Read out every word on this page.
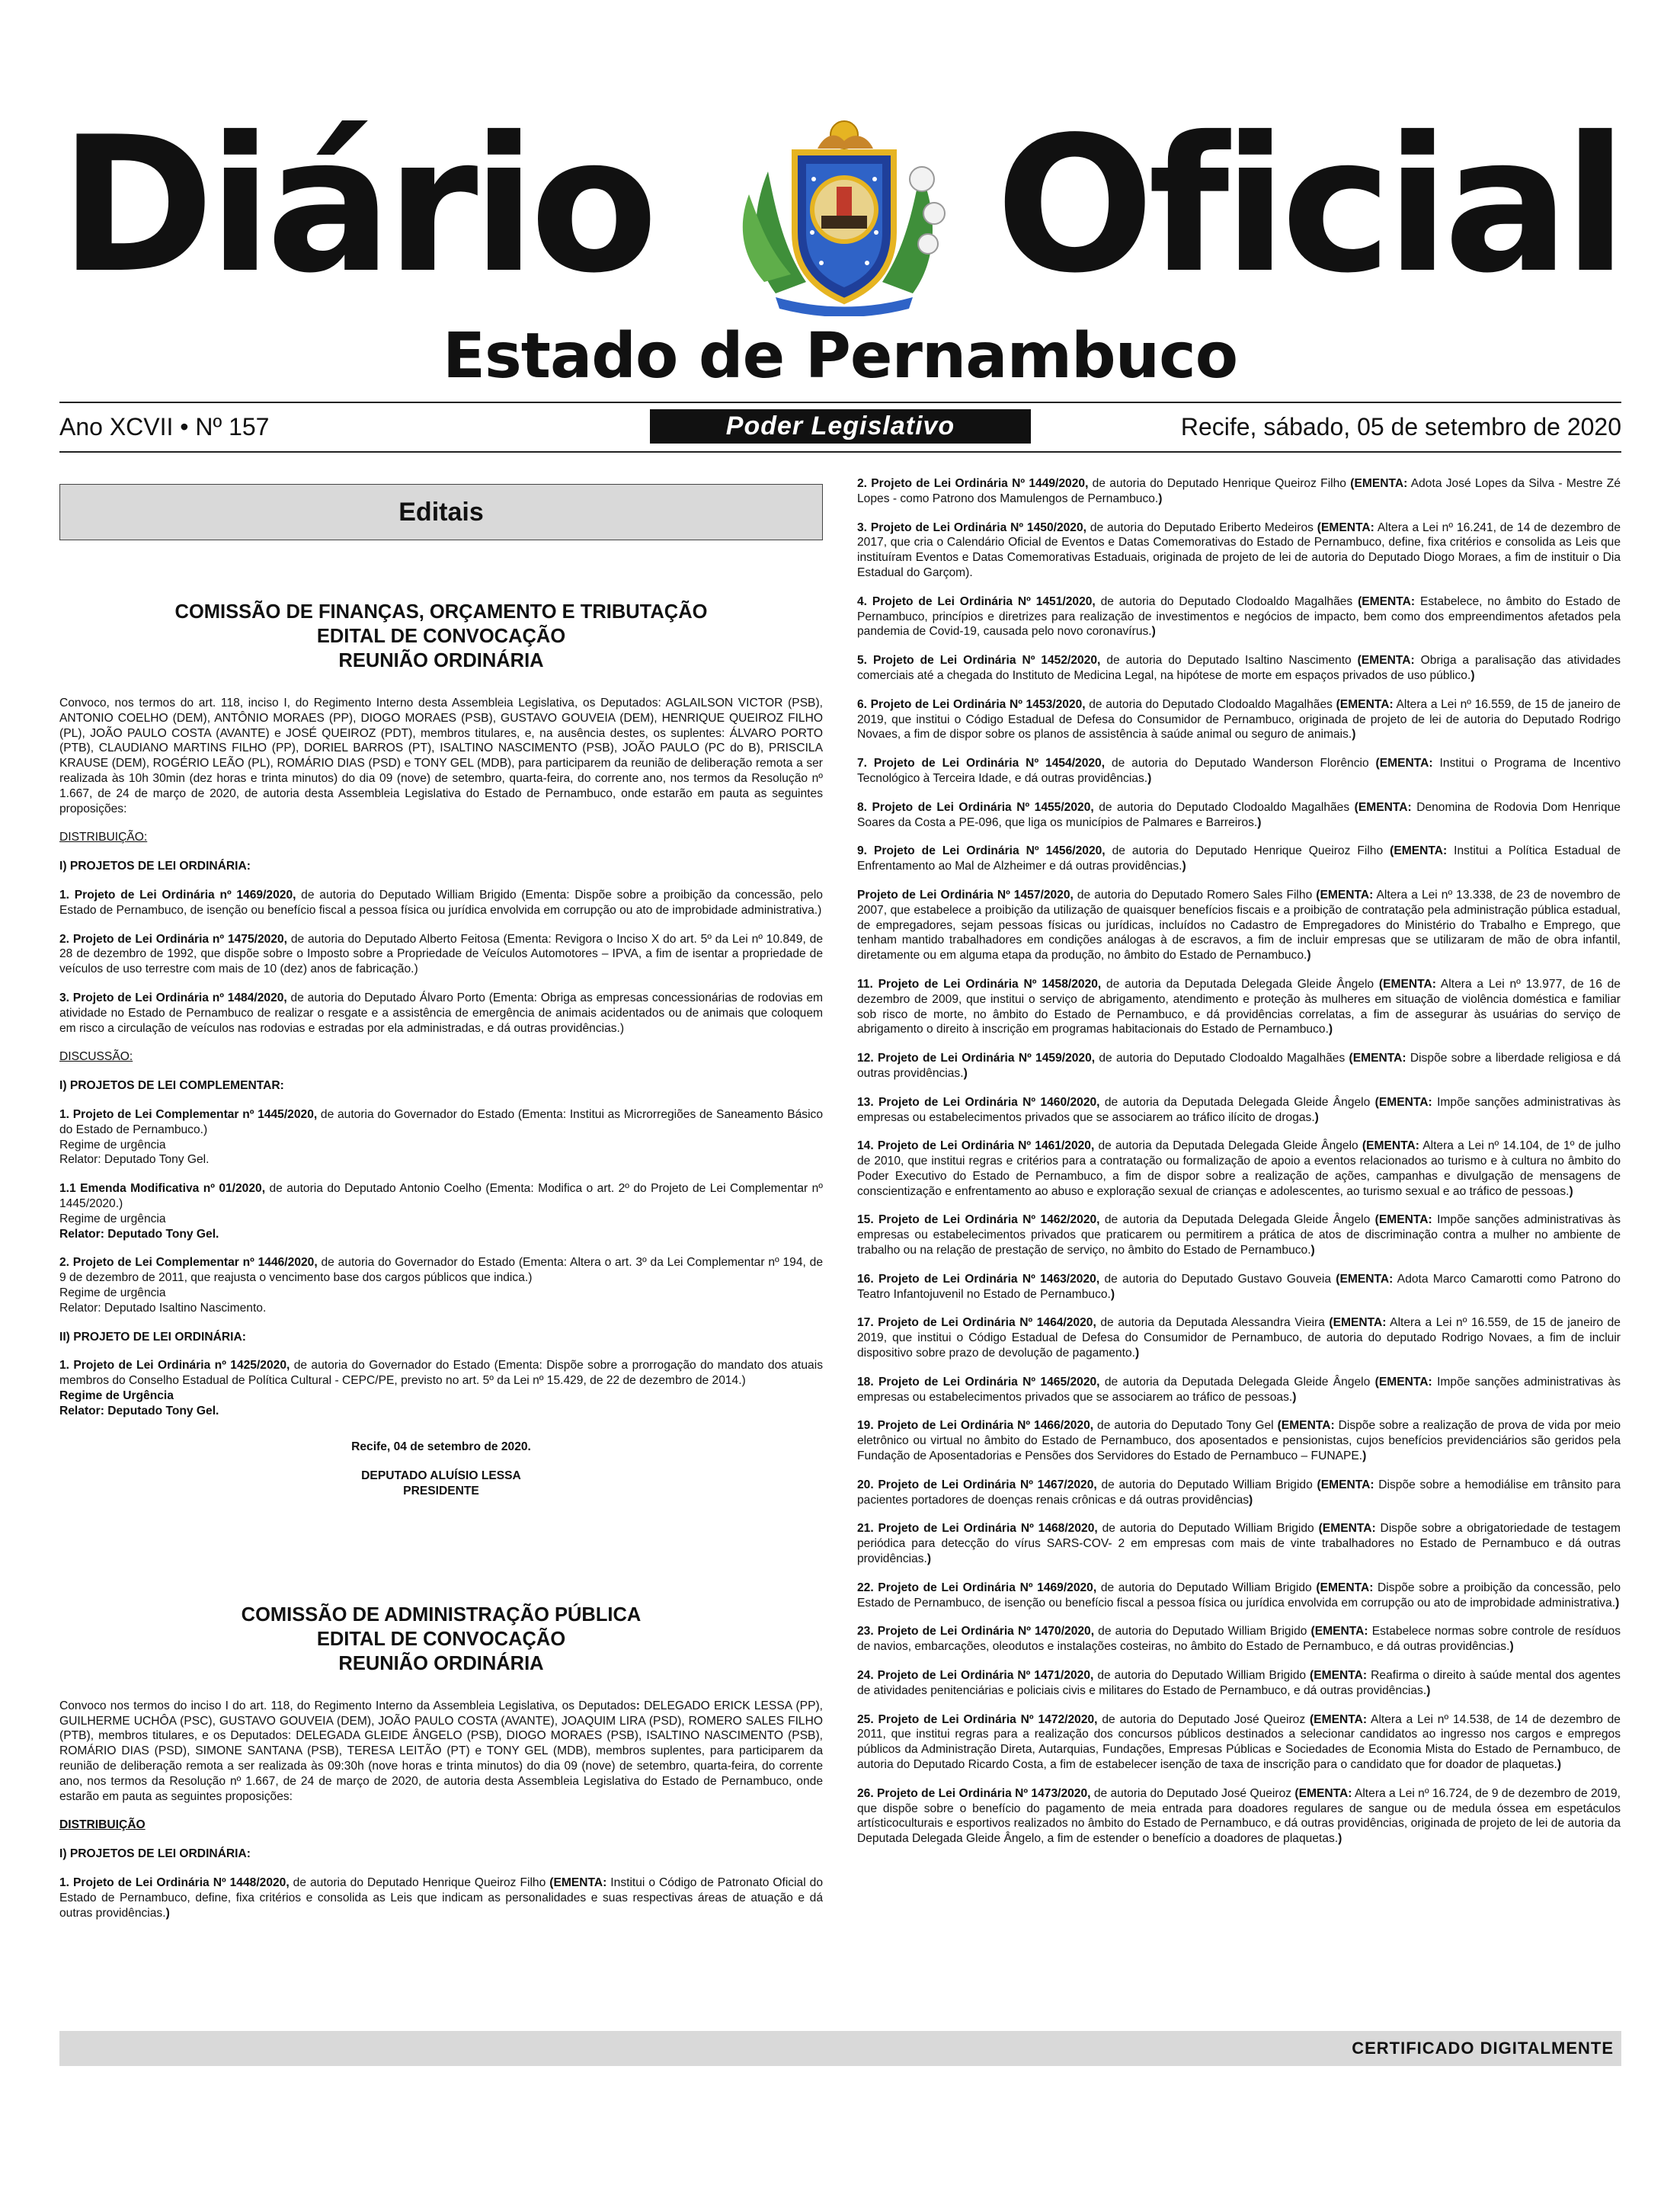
Diário Oficial
Estado de Pernambuco
Ano XCVII • Nº 157	Poder Legislativo	Recife, sábado, 05 de setembro de 2020
Editais
COMISSÃO DE FINANÇAS, ORÇAMENTO E TRIBUTAÇÃO
EDITAL DE CONVOCAÇÃO
REUNIÃO ORDINÁRIA

Convoco, nos termos do art. 118, inciso I, do Regimento Interno desta Assembleia Legislativa, os Deputados: AGLAILSON VICTOR (PSB), ANTONIO COELHO (DEM), ANTÔNIO MORAES (PP), DIOGO MORAES (PSB), GUSTAVO GOUVEIA (DEM), HENRIQUE QUEIROZ FILHO (PL), JOÃO PAULO COSTA (AVANTE) e JOSÉ QUEIROZ (PDT), membros titulares, e, na ausência destes, os suplentes: ÁLVARO PORTO (PTB), CLAUDIANO MARTINS FILHO (PP), DORIEL BARROS (PT), ISALTINO NASCIMENTO (PSB), JOÃO PAULO (PC do B), PRISCILA KRAUSE (DEM), ROGÉRIO LEÃO (PL), ROMÁRIO DIAS (PSD) e TONY GEL (MDB), para participarem da reunião de deliberação remota a ser realizada às 10h 30min (dez horas e trinta minutos) do dia 09 (nove) de setembro, quarta-feira, do corrente ano, nos termos da Resolução nº 1.667, de 24 de março de 2020, de autoria desta Assembleia Legislativa do Estado de Pernambuco, onde estarão em pauta as seguintes proposições:

DISTRIBUIÇÃO:

I) PROJETOS DE LEI ORDINÁRIA:

1. Projeto de Lei Ordinária nº 1469/2020, de autoria do Deputado William Brigido (Ementa: Dispõe sobre a proibição da concessão, pelo Estado de Pernambuco, de isenção ou benefício fiscal a pessoa física ou jurídica envolvida em corrupção ou ato de improbidade administrativa.)

2. Projeto de Lei Ordinária nº 1475/2020, de autoria do Deputado Alberto Feitosa (Ementa: Revigora o Inciso X do art. 5º da Lei nº 10.849, de 28 de dezembro de 1992, que dispõe sobre o Imposto sobre a Propriedade de Veículos Automotores – IPVA, a fim de isentar a propriedade de veículos de uso terrestre com mais de 10 (dez) anos de fabricação.)

3. Projeto de Lei Ordinária nº 1484/2020, de autoria do Deputado Álvaro Porto (Ementa: Obriga as empresas concessionárias de rodovias em atividade no Estado de Pernambuco de realizar o resgate e a assistência de emergência de animais acidentados ou de animais que coloquem em risco a circulação de veículos nas rodovias e estradas por ela administradas, e dá outras providências.)

DISCUSSÃO:

I) PROJETOS DE LEI COMPLEMENTAR:

1. Projeto de Lei Complementar nº 1445/2020, de autoria do Governador do Estado (Ementa: Institui as Microrregiões de Saneamento Básico do Estado de Pernambuco.)
Regime de urgência
Relator: Deputado Tony Gel.

1.1 Emenda Modificativa nº 01/2020, de autoria do Deputado Antonio Coelho (Ementa: Modifica o art. 2º do Projeto de Lei Complementar nº 1445/2020.)
Regime de urgência
Relator: Deputado Tony Gel.

2. Projeto de Lei Complementar nº 1446/2020, de autoria do Governador do Estado (Ementa: Altera o art. 3º da Lei Complementar nº 194, de 9 de dezembro de 2011, que reajusta o vencimento base dos cargos públicos que indica.)
Regime de urgência
Relator: Deputado Isaltino Nascimento.

II) PROJETO DE LEI ORDINÁRIA:

1. Projeto de Lei Ordinária nº 1425/2020, de autoria do Governador do Estado (Ementa: Dispõe sobre a prorrogação do mandato dos atuais membros do Conselho Estadual de Política Cultural - CEPC/PE, previsto no art. 5º da Lei nº 15.429, de 22 de dezembro de 2014.)
Regime de Urgência
Relator: Deputado Tony Gel.

Recife, 04 de setembro de 2020.

DEPUTADO ALUÍSIO LESSA
PRESIDENTE

COMISSÃO DE ADMINISTRAÇÃO PÚBLICA
EDITAL DE CONVOCAÇÃO
REUNIÃO ORDINÁRIA

Convoco nos termos do inciso I do art. 118, do Regimento Interno da Assembleia Legislativa, os Deputados: DELEGADO ERICK LESSA (PP), GUILHERME UCHÔA (PSC), GUSTAVO GOUVEIA (DEM), JOÃO PAULO COSTA (AVANTE), JOAQUIM LIRA (PSD), ROMERO SALES FILHO (PTB), membros titulares, e os Deputados: DELEGADA GLEIDE ÂNGELO (PSB), DIOGO MORAES (PSB), ISALTINO NASCIMENTO (PSB), ROMÁRIO DIAS (PSD), SIMONE SANTANA (PSB), TERESA LEITÃO (PT) e TONY GEL (MDB), membros suplentes, para participarem da reunião de deliberação remota a ser realizada às 09:30h (nove horas e trinta minutos) do dia 09 (nove) de setembro, quarta-feira, do corrente ano, nos termos da Resolução nº 1.667, de 24 de março de 2020, de autoria desta Assembleia Legislativa do Estado de Pernambuco, onde estarão em pauta as seguintes proposições:

DISTRIBUIÇÃO

I) PROJETOS DE LEI ORDINÁRIA:

1. Projeto de Lei Ordinária Nº 1448/2020, de autoria do Deputado Henrique Queiroz Filho (EMENTA: Institui o Código de Patronato Oficial do Estado de Pernambuco, define, fixa critérios e consolida as Leis que indicam as personalidades e suas respectivas áreas de atuação e dá outras providências.)

2. Projeto de Lei Ordinária Nº 1449/2020, de autoria do Deputado Henrique Queiroz Filho (EMENTA: Adota José Lopes da Silva - Mestre Zé Lopes - como Patrono dos Mamulengos de Pernambuco.)

3. Projeto de Lei Ordinária Nº 1450/2020, de autoria do Deputado Eriberto Medeiros (EMENTA: Altera a Lei nº 16.241, de 14 de dezembro de 2017, que cria o Calendário Oficial de Eventos e Datas Comemorativas do Estado de Pernambuco, define, fixa critérios e consolida as Leis que instituíram Eventos e Datas Comemorativas Estaduais, originada de projeto de lei de autoria do Deputado Diogo Moraes, a fim de instituir o Dia Estadual do Garçom).

4. Projeto de Lei Ordinária Nº 1451/2020, de autoria do Deputado Clodoaldo Magalhães (EMENTA: Estabelece, no âmbito do Estado de Pernambuco, princípios e diretrizes para realização de investimentos e negócios de impacto, bem como dos empreendimentos afetados pela pandemia de Covid-19, causada pelo novo coronavírus.)

5. Projeto de Lei Ordinária Nº 1452/2020, de autoria do Deputado Isaltino Nascimento (EMENTA: Obriga a paralisação das atividades comerciais até a chegada do Instituto de Medicina Legal, na hipótese de morte em espaços privados de uso público.)

6. Projeto de Lei Ordinária Nº 1453/2020, de autoria do Deputado Clodoaldo Magalhães (EMENTA: Altera a Lei nº 16.559, de 15 de janeiro de 2019, que institui o Código Estadual de Defesa do Consumidor de Pernambuco, originada de projeto de lei de autoria do Deputado Rodrigo Novaes, a fim de dispor sobre os planos de assistência à saúde animal ou seguro de animais.)

7. Projeto de Lei Ordinária Nº 1454/2020, de autoria do Deputado Wanderson Florêncio (EMENTA: Institui o Programa de Incentivo Tecnológico à Terceira Idade, e dá outras providências.)

8. Projeto de Lei Ordinária Nº 1455/2020, de autoria do Deputado Clodoaldo Magalhães (EMENTA: Denomina de Rodovia Dom Henrique Soares da Costa a PE-096, que liga os municípios de Palmares e Barreiros.)

9. Projeto de Lei Ordinária Nº 1456/2020, de autoria do Deputado Henrique Queiroz Filho (EMENTA: Institui a Política Estadual de Enfrentamento ao Mal de Alzheimer e dá outras providências.)

Projeto de Lei Ordinária Nº 1457/2020, de autoria do Deputado Romero Sales Filho (EMENTA: Altera a Lei nº 13.338, de 23 de novembro de 2007, que estabelece a proibição da utilização de quaisquer benefícios fiscais e a proibição de contratação pela administração pública estadual, de empregadores, sejam pessoas físicas ou jurídicas, incluídos no Cadastro de Empregadores do Ministério do Trabalho e Emprego, que tenham mantido trabalhadores em condições análogas à de escravos, a fim de incluir empresas que se utilizaram de mão de obra infantil, diretamente ou em alguma etapa da produção, no âmbito do Estado de Pernambuco.)

11. Projeto de Lei Ordinária Nº 1458/2020, de autoria da Deputada Delegada Gleide Ângelo (EMENTA: Altera a Lei nº 13.977, de 16 de dezembro de 2009, que institui o serviço de abrigamento, atendimento e proteção às mulheres em situação de violência doméstica e familiar sob risco de morte, no âmbito do Estado de Pernambuco, e dá providências correlatas, a fim de assegurar às usuárias do serviço de abrigamento o direito à inscrição em programas habitacionais do Estado de Pernambuco.)

12. Projeto de Lei Ordinária Nº 1459/2020, de autoria do Deputado Clodoaldo Magalhães (EMENTA: Dispõe sobre a liberdade religiosa e dá outras providências.)

13. Projeto de Lei Ordinária Nº 1460/2020, de autoria da Deputada Delegada Gleide Ângelo (EMENTA: Impõe sanções administrativas às empresas ou estabelecimentos privados que se associarem ao tráfico ilícito de drogas.)

14. Projeto de Lei Ordinária Nº 1461/2020, de autoria da Deputada Delegada Gleide Ângelo (EMENTA: Altera a Lei nº 14.104, de 1º de julho de 2010, que institui regras e critérios para a contratação ou formalização de apoio a eventos relacionados ao turismo e à cultura no âmbito do Poder Executivo do Estado de Pernambuco, a fim de dispor sobre a realização de ações, campanhas e divulgação de mensagens de conscientização e enfrentamento ao abuso e exploração sexual de crianças e adolescentes, ao turismo sexual e ao tráfico de pessoas.)

15. Projeto de Lei Ordinária Nº 1462/2020, de autoria da Deputada Delegada Gleide Ângelo (EMENTA: Impõe sanções administrativas às empresas ou estabelecimentos privados que praticarem ou permitirem a prática de atos de discriminação contra a mulher no ambiente de trabalho ou na relação de prestação de serviço, no âmbito do Estado de Pernambuco.)

16. Projeto de Lei Ordinária Nº 1463/2020, de autoria do Deputado Gustavo Gouveia (EMENTA: Adota Marco Camarotti como Patrono do Teatro Infantojuvenil no Estado de Pernambuco.)

17. Projeto de Lei Ordinária Nº 1464/2020, de autoria da Deputada Alessandra Vieira (EMENTA: Altera a Lei nº 16.559, de 15 de janeiro de 2019, que institui o Código Estadual de Defesa do Consumidor de Pernambuco, de autoria do deputado Rodrigo Novaes, a fim de incluir dispositivo sobre prazo de devolução de pagamento.)

18. Projeto de Lei Ordinária Nº 1465/2020, de autoria da Deputada Delegada Gleide Ângelo (EMENTA: Impõe sanções administrativas às empresas ou estabelecimentos privados que se associarem ao tráfico de pessoas.)

19. Projeto de Lei Ordinária Nº 1466/2020, de autoria do Deputado Tony Gel (EMENTA: Dispõe sobre a realização de prova de vida por meio eletrônico ou virtual no âmbito do Estado de Pernambuco, dos aposentados e pensionistas, cujos benefícios previdenciários são geridos pela Fundação de Aposentadorias e Pensões dos Servidores do Estado de Pernambuco – FUNAPE.)

20. Projeto de Lei Ordinária Nº 1467/2020, de autoria do Deputado William Brigido (EMENTA: Dispõe sobre a hemodiálise em trânsito para pacientes portadores de doenças renais crônicas e dá outras providências)

21. Projeto de Lei Ordinária Nº 1468/2020, de autoria do Deputado William Brigido (EMENTA: Dispõe sobre a obrigatoriedade de testagem periódica para detecção do vírus SARS-COV- 2 em empresas com mais de vinte trabalhadores no Estado de Pernambuco e dá outras providências.)

22. Projeto de Lei Ordinária Nº 1469/2020, de autoria do Deputado William Brigido (EMENTA: Dispõe sobre a proibição da concessão, pelo Estado de Pernambuco, de isenção ou benefício fiscal a pessoa física ou jurídica envolvida em corrupção ou ato de improbidade administrativa.)

23. Projeto de Lei Ordinária Nº 1470/2020, de autoria do Deputado William Brigido (EMENTA: Estabelece normas sobre controle de resíduos de navios, embarcações, oleodutos e instalações costeiras, no âmbito do Estado de Pernambuco, e dá outras providências.)

24. Projeto de Lei Ordinária Nº 1471/2020, de autoria do Deputado William Brigido (EMENTA: Reafirma o direito à saúde mental dos agentes de atividades penitenciárias e policiais civis e militares do Estado de Pernambuco, e dá outras providências.)

25. Projeto de Lei Ordinária Nº 1472/2020, de autoria do Deputado José Queiroz (EMENTA: Altera a Lei nº 14.538, de 14 de dezembro de 2011, que institui regras para a realização dos concursos públicos destinados a selecionar candidatos ao ingresso nos cargos e empregos públicos da Administração Direta, Autarquias, Fundações, Empresas Públicas e Sociedades de Economia Mista do Estado de Pernambuco, de autoria do Deputado Ricardo Costa, a fim de estabelecer isenção de taxa de inscrição para o candidato que for doador de plaquetas.)

26. Projeto de Lei Ordinária Nº 1473/2020, de autoria do Deputado José Queiroz (EMENTA: Altera a Lei nº 16.724, de 9 de dezembro de 2019, que dispõe sobre o benefício do pagamento de meia entrada para doadores regulares de sangue ou de medula óssea em espetáculos artísticoculturais e esportivos realizados no âmbito do Estado de Pernambuco, e dá outras providências, originada de projeto de lei de autoria da Deputada Delegada Gleide Ângelo, a fim de estender o benefício a doadores de plaquetas.)

CERTIFICADO DIGITALMENTE
